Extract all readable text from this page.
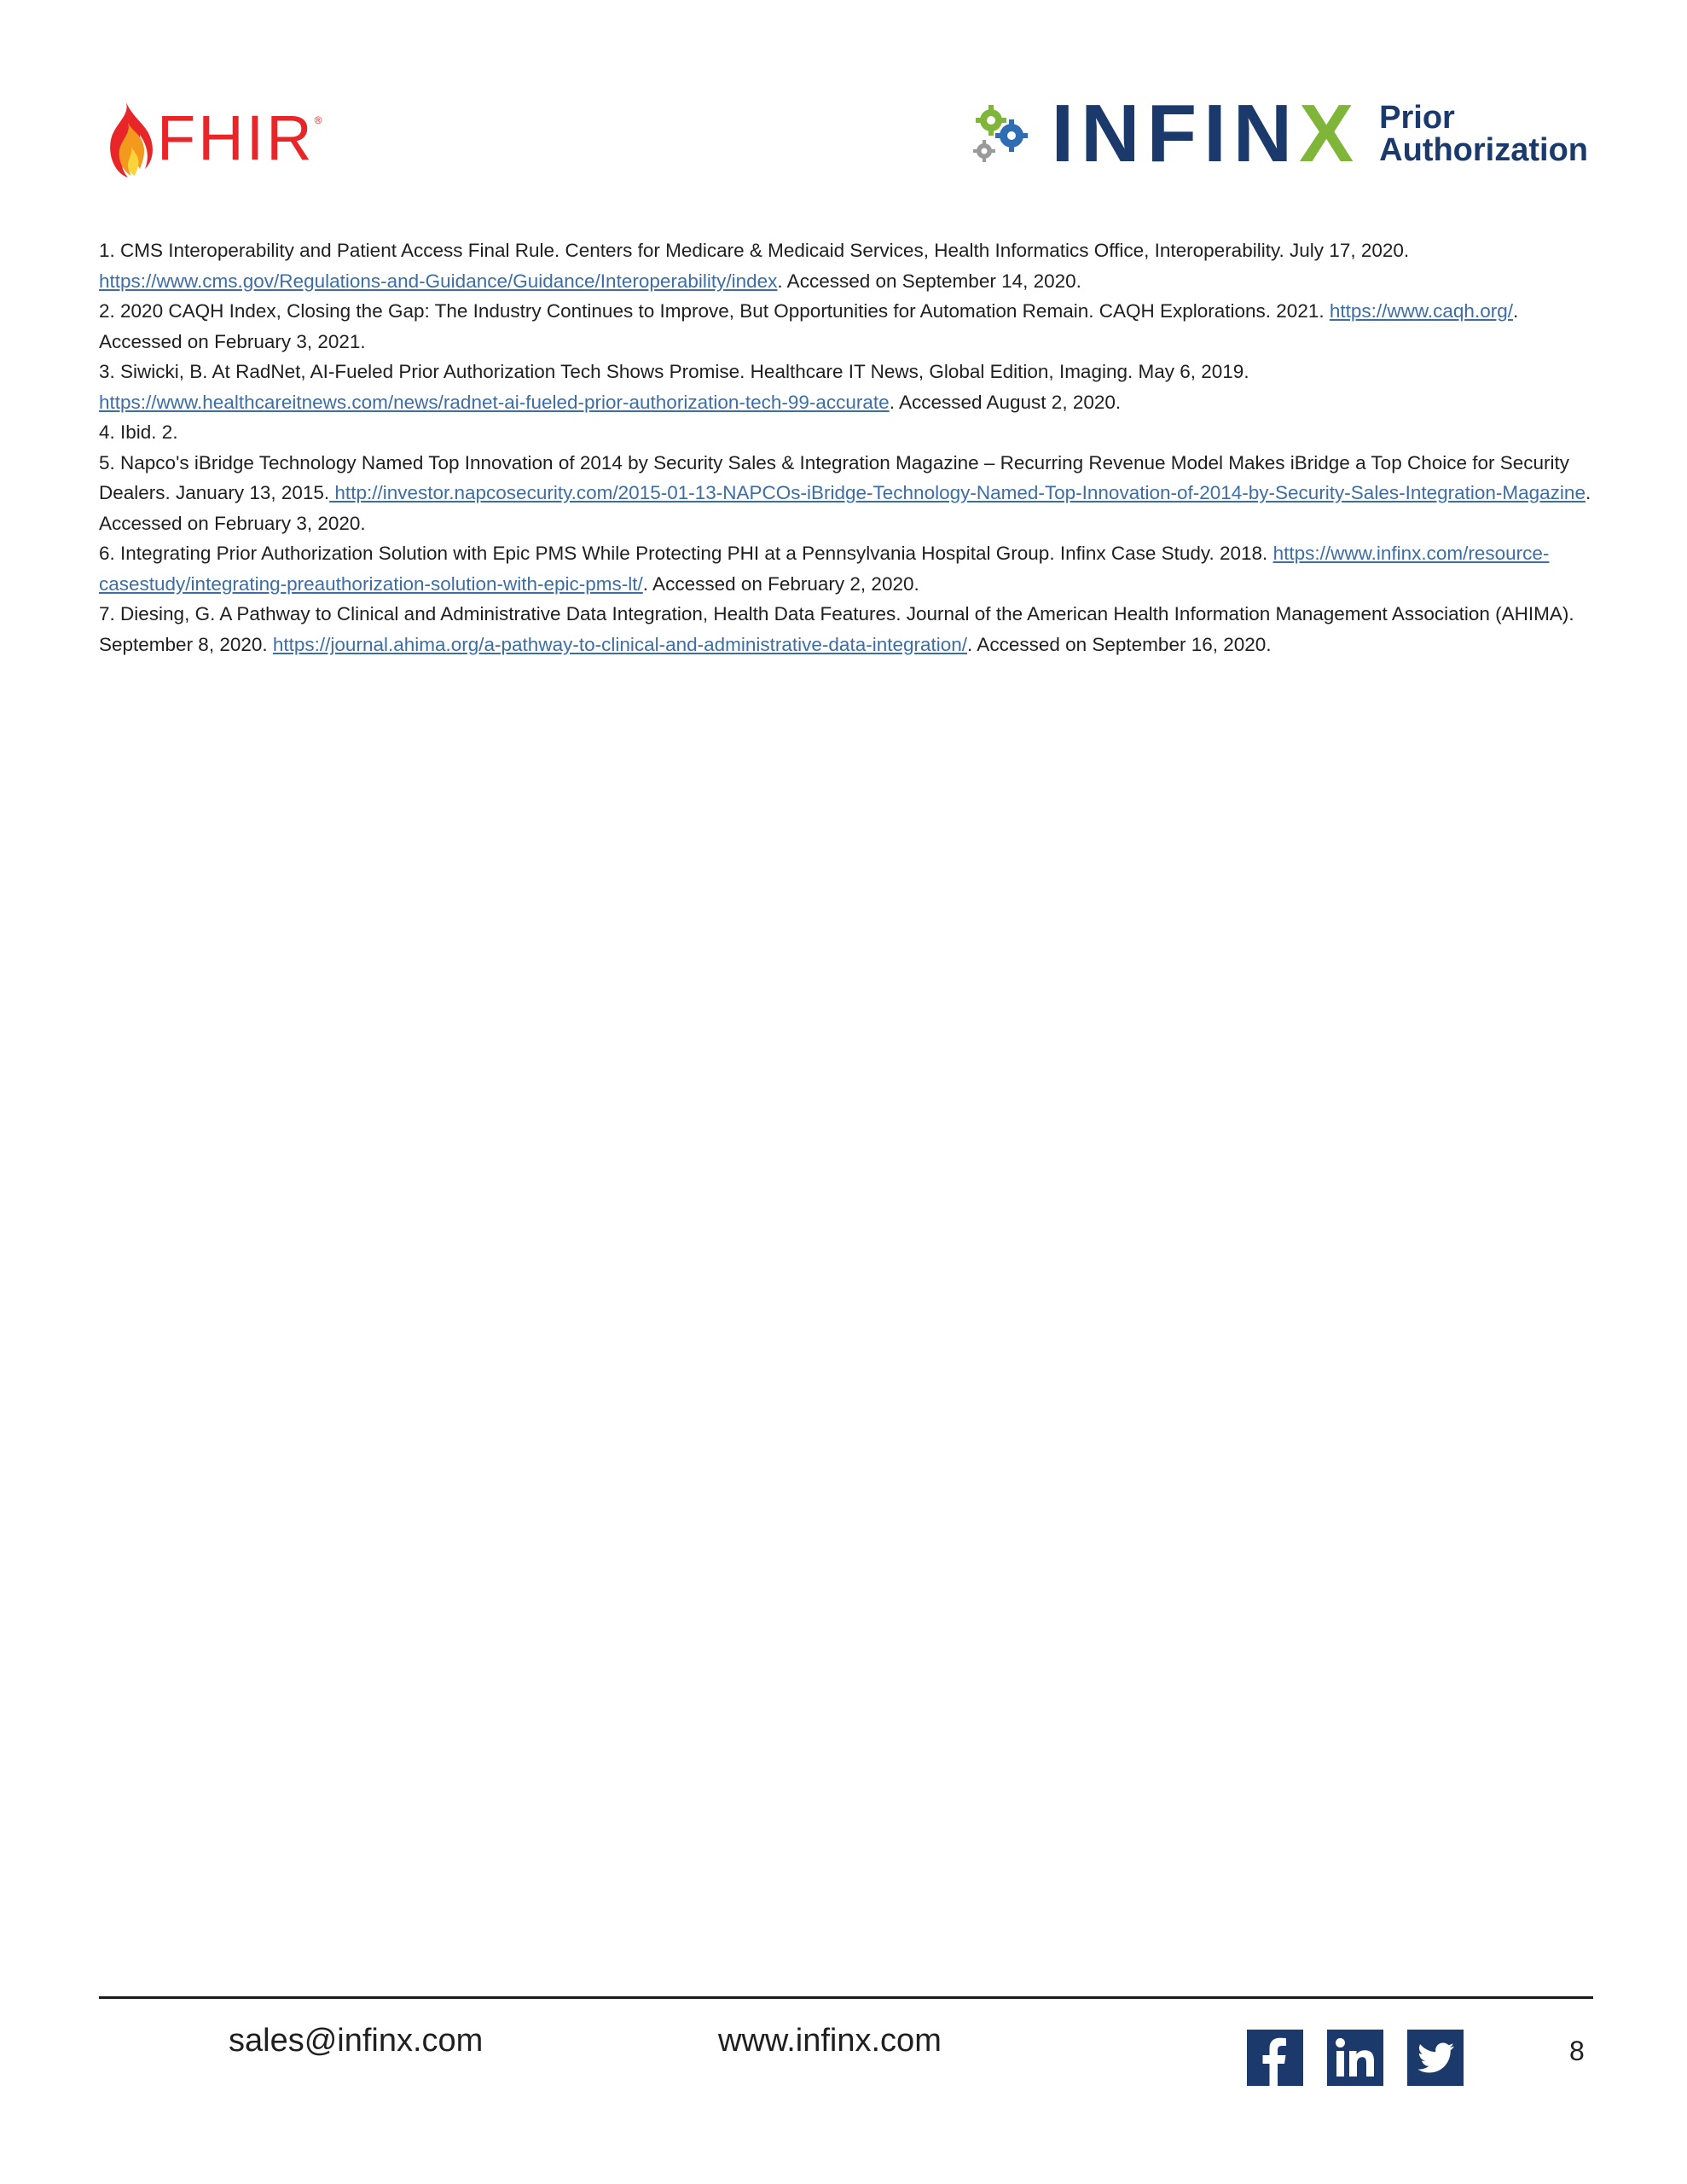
FHIR ®	INFINX Prior
Authorization

1. CMS Interoperability and Patient Access Final Rule. Centers for Medicare & Medicaid Services, Health Informatics Office, Interoperability. July 17, 2020. https://www.cms.gov/Regulations-and-Guidance/Guidance/Interoperability/index. Accessed on September 14, 2020.

2. 2020 CAQH Index, Closing the Gap: The Industry Continues to Improve, But Opportunities for Automation Remain. CAQH Explorations. 2021. https://www.caqh.org/. Accessed on February 3, 2021.

3. Siwicki, B. At RadNet, AI-Fueled Prior Authorization Tech Shows Promise. Healthcare IT News, Global Edition, Imaging. May 6, 2019. https://www.healthcareitnews.com/news/radnet-ai-fueled-prior-authorization-tech-99-accurate. Accessed August 2, 2020.

4. Ibid. 2.

5. Napco's iBridge Technology Named Top Innovation of 2014 by Security Sales & Integration Magazine – Recurring Revenue Model Makes iBridge a Top Choice for Security Dealers. January 13, 2015. http://investor.napcosecurity.com/2015-01-13-NAPCOs-iBridge-Technology-Named-Top-Innovation-of-2014-by-Security-Sales-Integration-Magazine. Accessed on February 3, 2020.

6. Integrating Prior Authorization Solution with Epic PMS While Protecting PHI at a Pennsylvania Hospital Group. Infinx Case Study. 2018. https://www.infinx.com/resource-casestudy/integrating-preauthorization-solution-with-epic-pms-lt/. Accessed on February 2, 2020.

7. Diesing, G. A Pathway to Clinical and Administrative Data Integration, Health Data Features. Journal of the American Health Information Management Association (AHIMA). September 8, 2020. https://journal.ahima.org/a-pathway-to-clinical-and-administrative-data-integration/. Accessed on September 16, 2020.

sales@infinx.com	www.infinx.com	8
